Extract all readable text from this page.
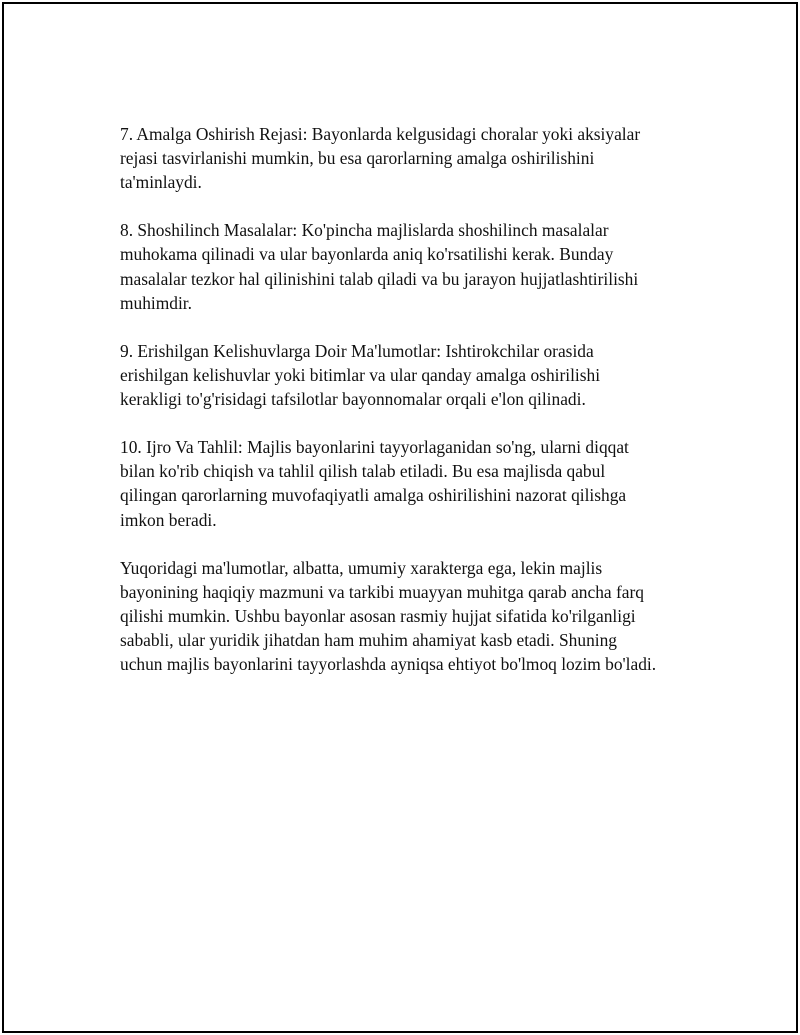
7. Amalga Oshirish Rejasi: Bayonlarda kelgusidagi choralar yoki aksiyalar
rejasi tasvirlanishi mumkin, bu esa qarorlarning amalga oshirilishini
ta'minlaydi.

8. Shoshilinch Masalalar: Ko'pincha majlislarda shoshilinch masalalar
muhokama qilinadi va ular bayonlarda aniq ko'rsatilishi kerak. Bunday
masalalar tezkor hal qilinishini talab qiladi va bu jarayon hujjatlashtirilishi
muhimdir.

9. Erishilgan Kelishuvlarga Doir Ma'lumotlar: Ishtirokchilar orasida
erishilgan kelishuvlar yoki bitimlar va ular qanday amalga oshirilishi
kerakligi to'g'risidagi tafsilotlar bayonnomalar orqali e'lon qilinadi.

10. Ijro Va Tahlil: Majlis bayonlarini tayyorlaganidan so'ng, ularni diqqat
bilan ko'rib chiqish va tahlil qilish talab etiladi. Bu esa majlisda qabul
qilingan qarorlarning muvofaqiyatli amalga oshirilishini nazorat qilishga
imkon beradi.

Yuqoridagi ma'lumotlar, albatta, umumiy xarakterga ega, lekin majlis
bayonining haqiqiy mazmuni va tarkibi muayyan muhitga qarab ancha farq
qilishi mumkin. Ushbu bayonlar asosan rasmiy hujjat sifatida ko'rilganligi
sababli, ular yuridik jihatdan ham muhim ahamiyat kasb etadi. Shuning
uchun majlis bayonlarini tayyorlashda ayniqsa ehtiyot bo'lmoq lozim bo'ladi.
